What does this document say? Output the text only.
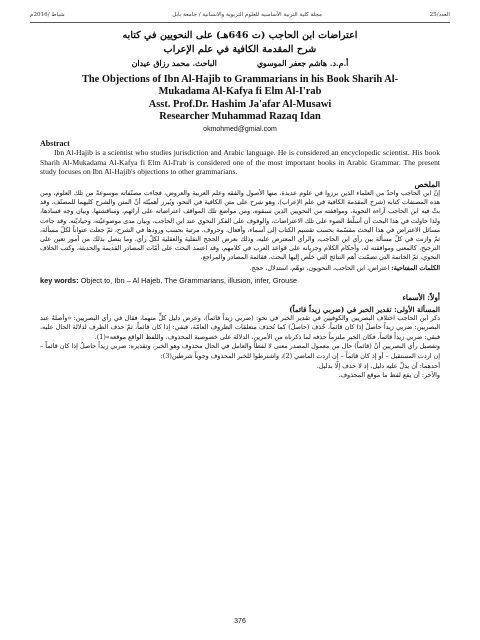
شباط /2016م	مجلة كلية التربية الأساسية للعلوم التربوية والانسانية / جامعة بابل	العدد/25
اعتراضات ابن الحاجب (ت 646هـ) على النحويين في كتابه
شرح المقدمة الكافية في علم الإعراب
أ.م.د. هاشم جعفر الموسوي
الباحث. محمد رزاق عيدان
The Objections of Ibn Al-Hajib to Grammarians in his Book Sharih Al-
Mukadama Al-Kafya fi Elm Al-I'rab
Asst. Prof.Dr. Hashim Ja'afar Al-Musawi
Researcher Muhammad Razaq Idan
okmohmed@gmial.com
Abstract
Ibn Al-Hajib is a scientist who studies jurisdiction and Arabic language. He is considered an encyclopedic scientist. His book Sharih Al-Mukadama Al-Kafya fi Elm Al-I'rab is considered one of the most important books in Arabic Grammar. The present study focuses on Ibn Al-Hajib's objections to other grammarians.
الملخص
إنّ ابن الحاجب واحدٌ من العلماء الذين برزوا في علوم عديدة، منها الأصول والفقه وعلم العربية والعروض، فجاءت مصنّفاته موسوعةً من تلك العلوم، ومن هذه المصنفات كتابه (شرح المقدمة الكافية في علم الإعراب)، وهو شرح على متن الكافية في النحو، ويُبرز أهميّتَه أنّ المتن والشرح كليهما للمصنّف، وقد بثّ فيه ابن الحاجب آراءه النحوية، وموافقته من النحويين الذين سبقوه، ومن مواضع تلك المواقف اعتراضاته على آرائهم، ومناقشتها، وبيان وجه فسادها، ولذا حاولت في هذا البحث أن أسلّط الضوء على تلك الاعتراضات، والوقوف على الفكر النحوي عند ابن الحاجب، وبيان مدى موضوعيّته، وحياديّته. وقد جاءت مسائل الاعتراض في هذا البحث مقسّمة بحسب تقسيم الكتاب إلى أسماء، وأفعال، وحروف، مرتبة بحسب ورودها في الشرح، ثمّ جعلت عنواناً لكلّ مسألة، ثمّ وازنت في كلّ مسألة بين رأي ابن الحاجب، والرأي المعترض عليه، وذلك بعرض الحجج النقلية والعقلية لكلّ رأي، وما يتصل بذلك من أمور تعين على الترجيح، كالمعنى وموافقته له، وأحكام الكلام وجريانه على قواعد العرب في كلامهم، وقد اعتمد البحث على أمّات المصادر القديمة والحديثة، وكتب الخلاف النحوي، ثمّ الخاتمة التي تضمّنت أهم النتائج التي خلُص إليها البحث، فقائمة المصادر والمراجع.
الكلمات المفتاحية: اعتراض، ابن الحاجب، النحويون، توهّم، استدلال، حجج.
key words: Object to, Ibn – Al Hajeb, The Grammarians, illusion, infer, Grouse
أولاً: الأسماء
المسألة الأولى: تقدير الخبر في (ضربي زيداً قائماً)
ذكر ابن الحاجب اختلاف البصريين والكوفيين في تقدير الخبر في نحو: (ضربي زيداً قائماً)، وعرض دليل كلٍّ منهما، فقال في رأي البصريين: «وأصلهُ عند البصريين: ضربي زيداً حاصلٌ إذا كان قائماً، حُذف (حاصلٌ) كما تُحذف متعلقات الظروف العامّة، فبقي: إذا كان قائماً، ثمّ حذف الظرف لدلالة الحال عليه، فبقي: ضربي زيداً قائماً، فكان الخبر ملتزماً حذفه لما ذكرناه من الأمرين، الدلالة على خصوصية المحذوف، واللفظ الواقع موقعه»(1).
وتفصيل رأي البصريين أنّ (قائماً) حال من معمول المصدر معنى لا لفظاً والعامل في الحال محذوف وهو الخبر، وتقديره: ضربي زيداً حاصلٌ إذا كان قائماً – إن اردت المستقبل – أو إذ كان قائماً – إن اردت الماضي (2)، واشترطوا للخبر المحذوف وجوباً شرطين(3):
أحدهما: أن يدلّ عليه دليل، إذ لا حذف إلّا بدليل.
والآخر: أن يقع لفظ ما موقع المحذوف.
376
